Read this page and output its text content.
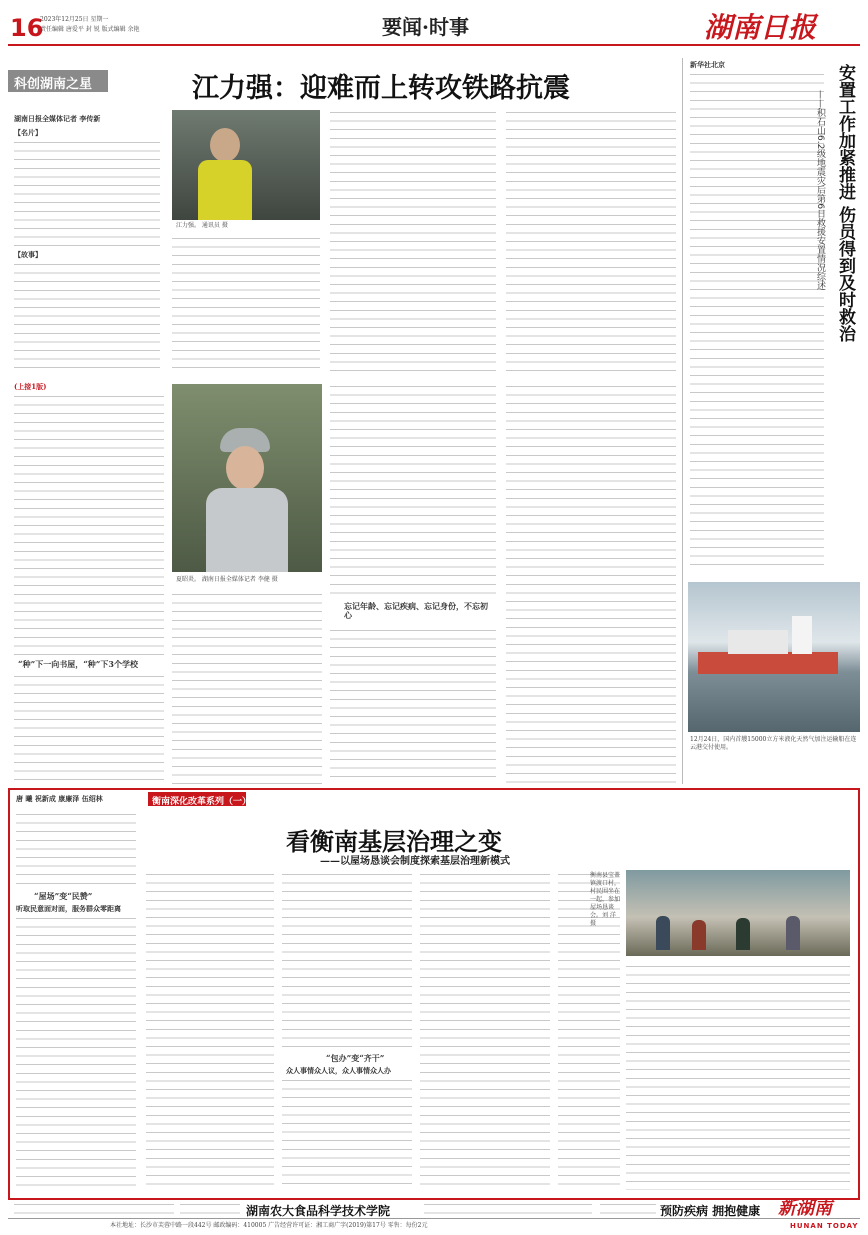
16
2023年12月25日 星期一
责任编辑 唐爱平 封 锐 版式编辑 余艳	要闻·时事	湖南日报
科创湖南之星	江力强：迎难而上转攻铁路抗震
湖南日报全媒体记者 李传新
【名片】
【故事】
江力强。 通讯员 摄
(上接1版)
“种”下一向书屋，“种”下3个学校
夏昭炎。 湖南日报全媒体记者 李健 摄
忘记年龄、忘记疾病、忘记身份，不忘初心
新华社北京	安置工作加紧推进 伤员得到及时救治
——积石山6.2级地震灾后第6日救援安置情况综述
12月24日，国内首艘15000立方米液化天然气加注运输船在连云港交付使用。
唐 曦 祝新成 康廉泽 伍绍林	衡南深化改革系列（一）
看衡南基层治理之变
——以屋场恳谈会制度探索基层治理新模式
“屋场”变“民赞”
听取民意面对面，服务群众零距离
“包办”变“齐干”
众人事情众人议，众人事情众人办
衡南县宝盖镇渡口村，村民围坐在一起，参加屋场恳谈会。刘 洋 摄
湖南农大食品科学技术学院	预防疾病 拥抱健康
本社地址：长沙市芙蓉中路一段442号 邮政编码：410005 广告经营许可证：湘工商广字(2019)第17号 零售：每份2元
新湖南
HUNAN TODAY
